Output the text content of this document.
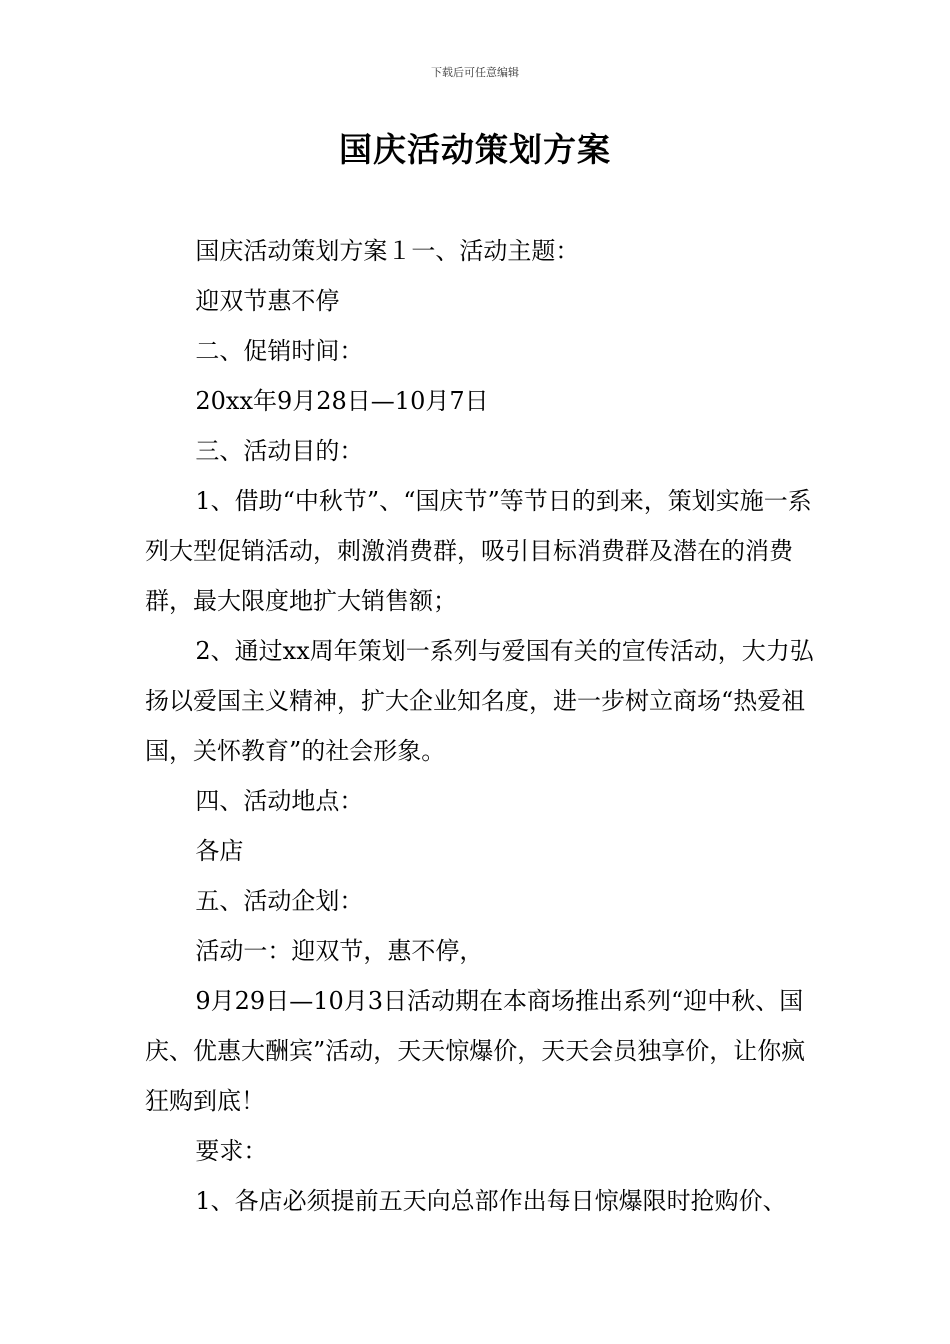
下载后可任意编辑
国庆活动策划方案

国庆活动策划方案１一、活动主题：

迎双节惠不停

二、促销时间：

20xx年9月28日—10月7日

三、活动目的：

1、借助“中秋节”、“国庆节”等节日的到来，策划实施一系列大型促销活动，刺激消费群，吸引目标消费群及潜在的消费群，最大限度地扩大销售额；

2、通过xx周年策划一系列与爱国有关的宣传活动，大力弘扬以爱国主义精神，扩大企业知名度，进一步树立商场“热爱祖国，关怀教育”的社会形象。

四、活动地点：

各店

五、活动企划：

活动一：迎双节，惠不停，

9月29日—10月3日活动期在本商场推出系列“迎中秋、国庆、优惠大酬宾”活动，天天惊爆价，天天会员独享价，让你疯狂购到底！

要求：

1、各店必须提前五天向总部作出每日惊爆限时抢购价、
